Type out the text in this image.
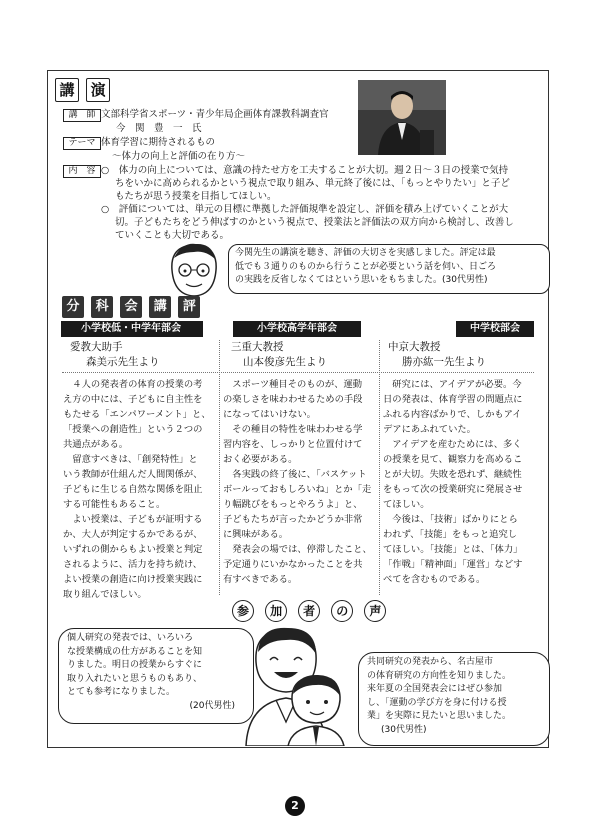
講 演
講　師 文部科学省スポーツ・青少年局企画体育課教科調査官
今　関　豊　一　氏
テーマ 体育学習に期待されるもの
～体力の向上と評価の在り方～
内　容 ○　体力の向上については、意識の持たせ方を工夫することが大切。週２日～３日の授業で気持
ちをいかに高められるかという視点で取り組み、単元終了後には、「もっとやりたい」と子ど
もたちが思う授業を目指してほしい。
○　評価については、単元の目標に準拠した評価規準を設定し、評価を積み上げていくことが大
切。子どもたちをどう伸ばすのかという視点で、授業法と評価法の双方向から検討し、改善し
ていくことも大切である。
今関先生の講演を聴き、評価の大切さを実感しました。評定は最
低でも３通りのものから行うことが必要という話を伺い、日ごろ
の実践を反省しなくてはという思いをもちました。(30代男性)
分 科 会 講 評
小学校低・中学年部会	小学校高学年部会	中学校部会
愛教大助手
森美示先生より
三重大教授
山本俊彦先生より
中京大教授
勝亦紘一先生より
　４人の発表者の体育の授業の考
え方の中には、子どもに自主性を
もたせる「エンパワーメント」と、
「授業への創造性」という２つの
共通点がある。
　留意すべきは、「創発特性」と
いう教師が仕組んだ人間関係が、
子どもに生じる自然な関係を阻止
する可能性もあること。
　よい授業は、子どもが証明する
か、大人が判定するかであるが、
いずれの側からもよい授業と判定
されるように、活力を持ち続け、
よい授業の創造に向け授業実践に
取り組んでほしい。
　スポーツ種目そのものが、運動
の楽しさを味わわせるための手段
になってはいけない。
　その種目の特性を味わわせる学
習内容を、しっかりと位置付けて
おく必要がある。
　各実践の終了後に、「バスケット
ボールっておもしろいね」とか「走
り幅跳びをもっとやろうよ」と、
子どもたちが言ったかどうか非常
に興味がある。
　発表会の場では、停滞したこと、
予定通りにいかなかったことを共
有すべきである。
　研究には、アイデアが必要。今
日の発表は、体育学習の問題点に
ふれる内容ばかりで、しかもアイ
デアにあふれていた。
　アイデアを産むためには、多く
の授業を見て、観察力を高めるこ
とが大切。失敗を恐れず、継続性
をもって次の授業研究に発展させ
てほしい。
　今後は、「技術」ばかりにとら
われず、「技能」をもっと追究し
てほしい。「技能」とは、「体力」
「作戦」「精神面」「運営」などす
べてを含むものである。
参 加 者 の 声
個人研究の発表では、いろいろ
な授業構成の仕方があることを知
りました。明日の授業からすぐに
取り入れたいと思うものもあり、
とても参考になりました。
(20代男性)
共同研究の発表から、名古屋市
の体育研究の方向性を知りました。
来年夏の全国発表会にはぜひ参加
し、「運動の学び方を身に付ける授
業」を実際に見たいと思いました。
(30代男性)
2
